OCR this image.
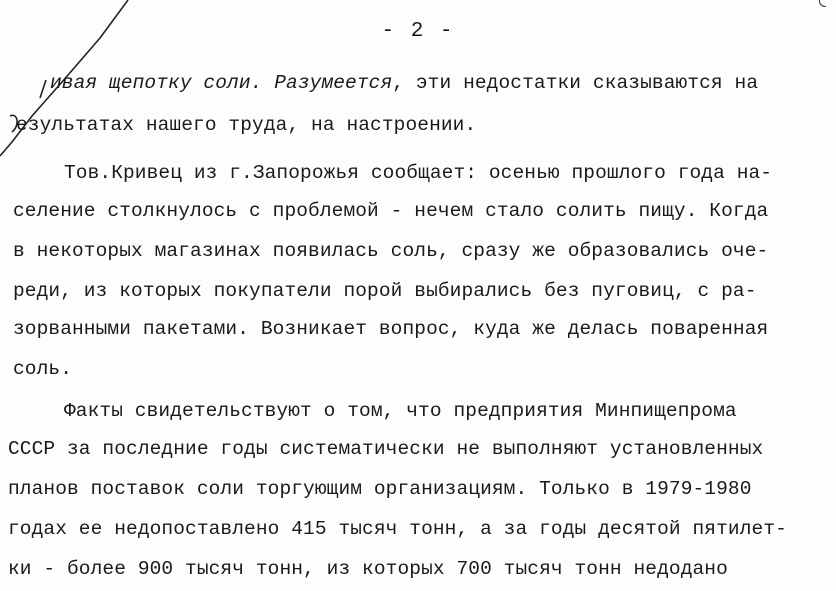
- 2 -
ивая щепотку соли. Разумеется, эти недостатки сказываются на
езультатах нашего труда, на настроении.
Тов.Кривец из г.Запорожья сообщает: осенью прошлого года на-
селение столкнулось с проблемой - нечем стало солить пищу. Когда
в некоторых магазинах появилась соль, сразу же образовались оче-
реди, из которых покупатели порой выбирались без пуговиц, с ра-
зорванными пакетами. Возникает вопрос, куда же делась поваренная
соль.
Факты свидетельствуют о том, что предприятия Минпищепрома
СССР за последние годы систематически не выполняют установленных
планов поставок соли торгующим организациям. Только в 1979-1980
годах ее недопоставлено 415 тысяч тонн, а за годы десятой пятилет-
ки - более 900 тысяч тонн, из которых 700 тысяч тонн недодано
